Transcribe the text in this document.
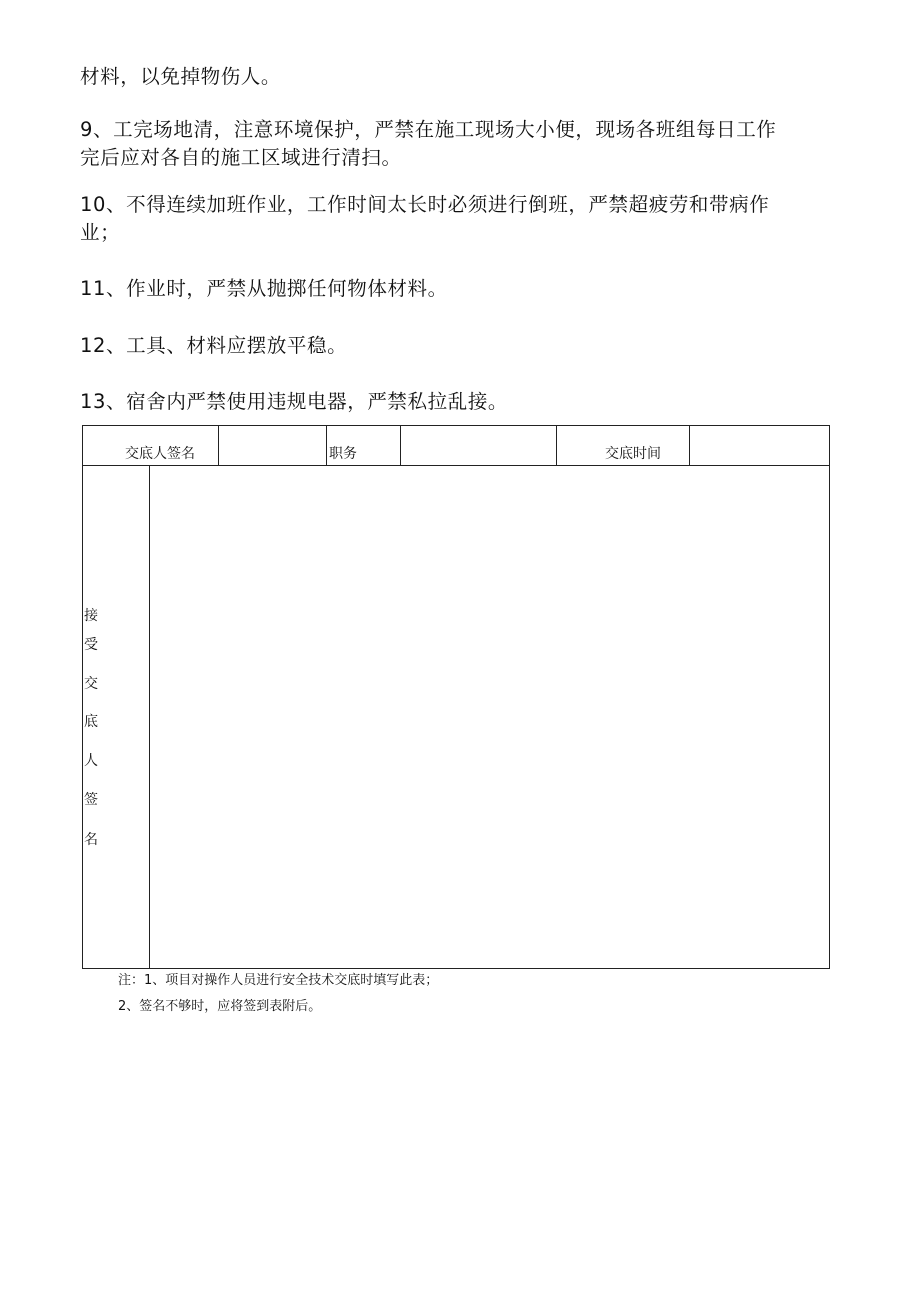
材料，以免掉物伤人。
9、工完场地清，注意环境保护，严禁在施工现场大小便，现场各班组每日工作
完后应对各自的施工区域进行清扫。
10、不得连续加班作业，工作时间太长时必须进行倒班，严禁超疲劳和带病作
业；
11、作业时，严禁从抛掷任何物体材料。
12、工具、材料应摆放平稳。
13、宿舍内严禁使用违规电器，严禁私拉乱接。
交底人签名	职务	交底时间
接
受
交
底
人
签
名
注：1、项目对操作人员进行安全技术交底时填写此表；
2、签名不够时，应将签到表附后。
